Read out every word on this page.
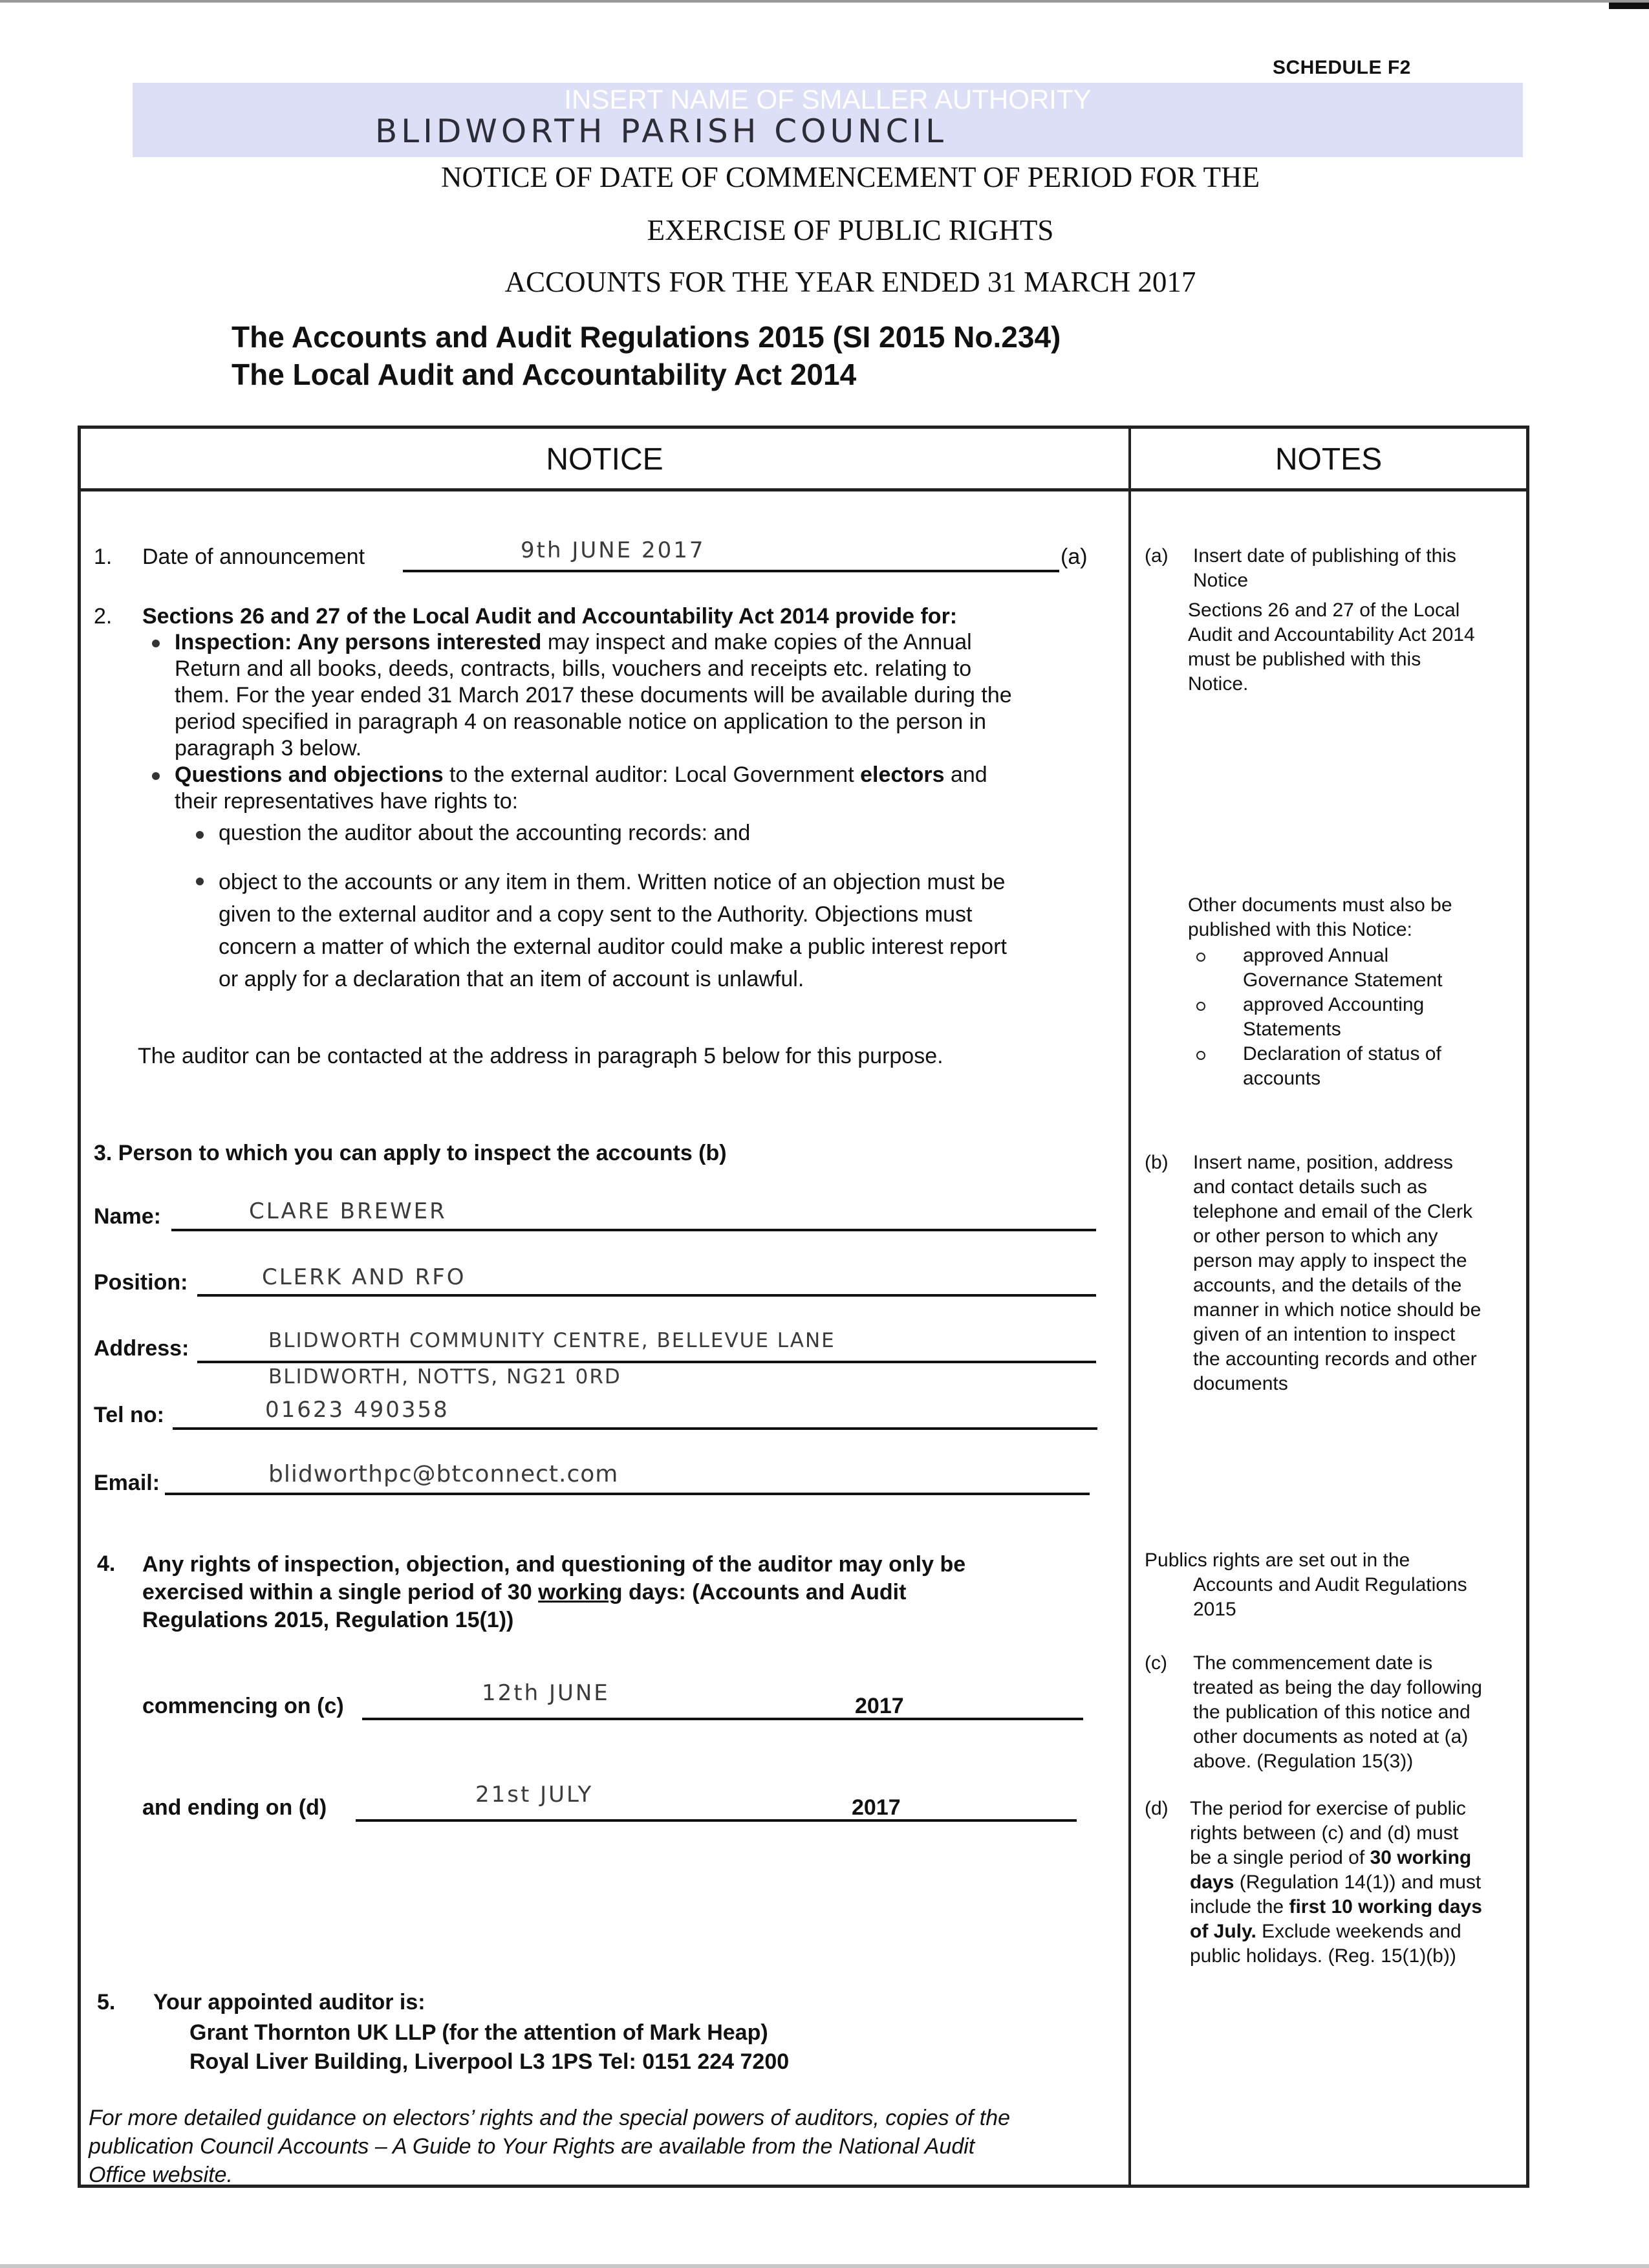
SCHEDULE F2
INSERT NAME OF SMALLER AUTHORITY
BLIDWORTH PARISH COUNCIL
NOTICE OF DATE OF COMMENCEMENT OF PERIOD FOR THE
EXERCISE OF PUBLIC RIGHTS
ACCOUNTS FOR THE YEAR ENDED 31 MARCH 2017
The Accounts and Audit Regulations 2015 (SI 2015 No.234)
The Local Audit and Accountability Act 2014
NOTICE	NOTES
1. Date of announcement	9th JUNE 2017	(a)
2. Sections 26 and 27 of the Local Audit and Accountability Act 2014 provide for:
Inspection: Any persons interested may inspect and make copies of the Annual
Return and all books, deeds, contracts, bills, vouchers and receipts etc. relating to
them. For the year ended 31 March 2017 these documents will be available during the
period specified in paragraph 4 on reasonable notice on application to the person in
paragraph 3 below.
Questions and objections to the external auditor: Local Government electors and
their representatives have rights to:
question the auditor about the accounting records: and
object to the accounts or any item in them. Written notice of an objection must be
given to the external auditor and a copy sent to the Authority. Objections must
concern a matter of which the external auditor could make a public interest report
or apply for a declaration that an item of account is unlawful.
The auditor can be contacted at the address in paragraph 5 below for this purpose.
3. Person to which you can apply to inspect the accounts (b)
Name:	CLARE BREWER
Position:	CLERK AND RFO
Address:	BLIDWORTH COMMUNITY CENTRE, BELLEVUE LANE
BLIDWORTH, NOTTS, NG21 0RD
Tel no:	01623 490358
Email:	blidworthpc@btconnect.com
4. Any rights of inspection, objection, and questioning of the auditor may only be
exercised within a single period of 30 working days: (Accounts and Audit
Regulations 2015, Regulation 15(1))
commencing on (c)	12th JUNE	2017
and ending on (d)	21st JULY	2017
5. Your appointed auditor is:
Grant Thornton UK LLP (for the attention of Mark Heap)
Royal Liver Building, Liverpool L3 1PS Tel: 0151 224 7200
For more detailed guidance on electors’ rights and the special powers of auditors, copies of the
publication Council Accounts – A Guide to Your Rights are available from the National Audit
Office website.
(a) Insert date of publishing of this
Notice
Sections 26 and 27 of the Local
Audit and Accountability Act 2014
must be published with this
Notice.
Other documents must also be
published with this Notice:
approved Annual
Governance Statement
approved Accounting
Statements
Declaration of status of
accounts
(b) Insert name, position, address
and contact details such as
telephone and email of the Clerk
or other person to which any
person may apply to inspect the
accounts, and the details of the
manner in which notice should be
given of an intention to inspect
the accounting records and other
documents
Publics rights are set out in the
Accounts and Audit Regulations
2015
(c) The commencement date is
treated as being the day following
the publication of this notice and
other documents as noted at (a)
above. (Regulation 15(3))
(d) The period for exercise of public
rights between (c) and (d) must
be a single period of 30 working
days (Regulation 14(1)) and must
include the first 10 working days
of July. Exclude weekends and
public holidays. (Reg. 15(1)(b))
